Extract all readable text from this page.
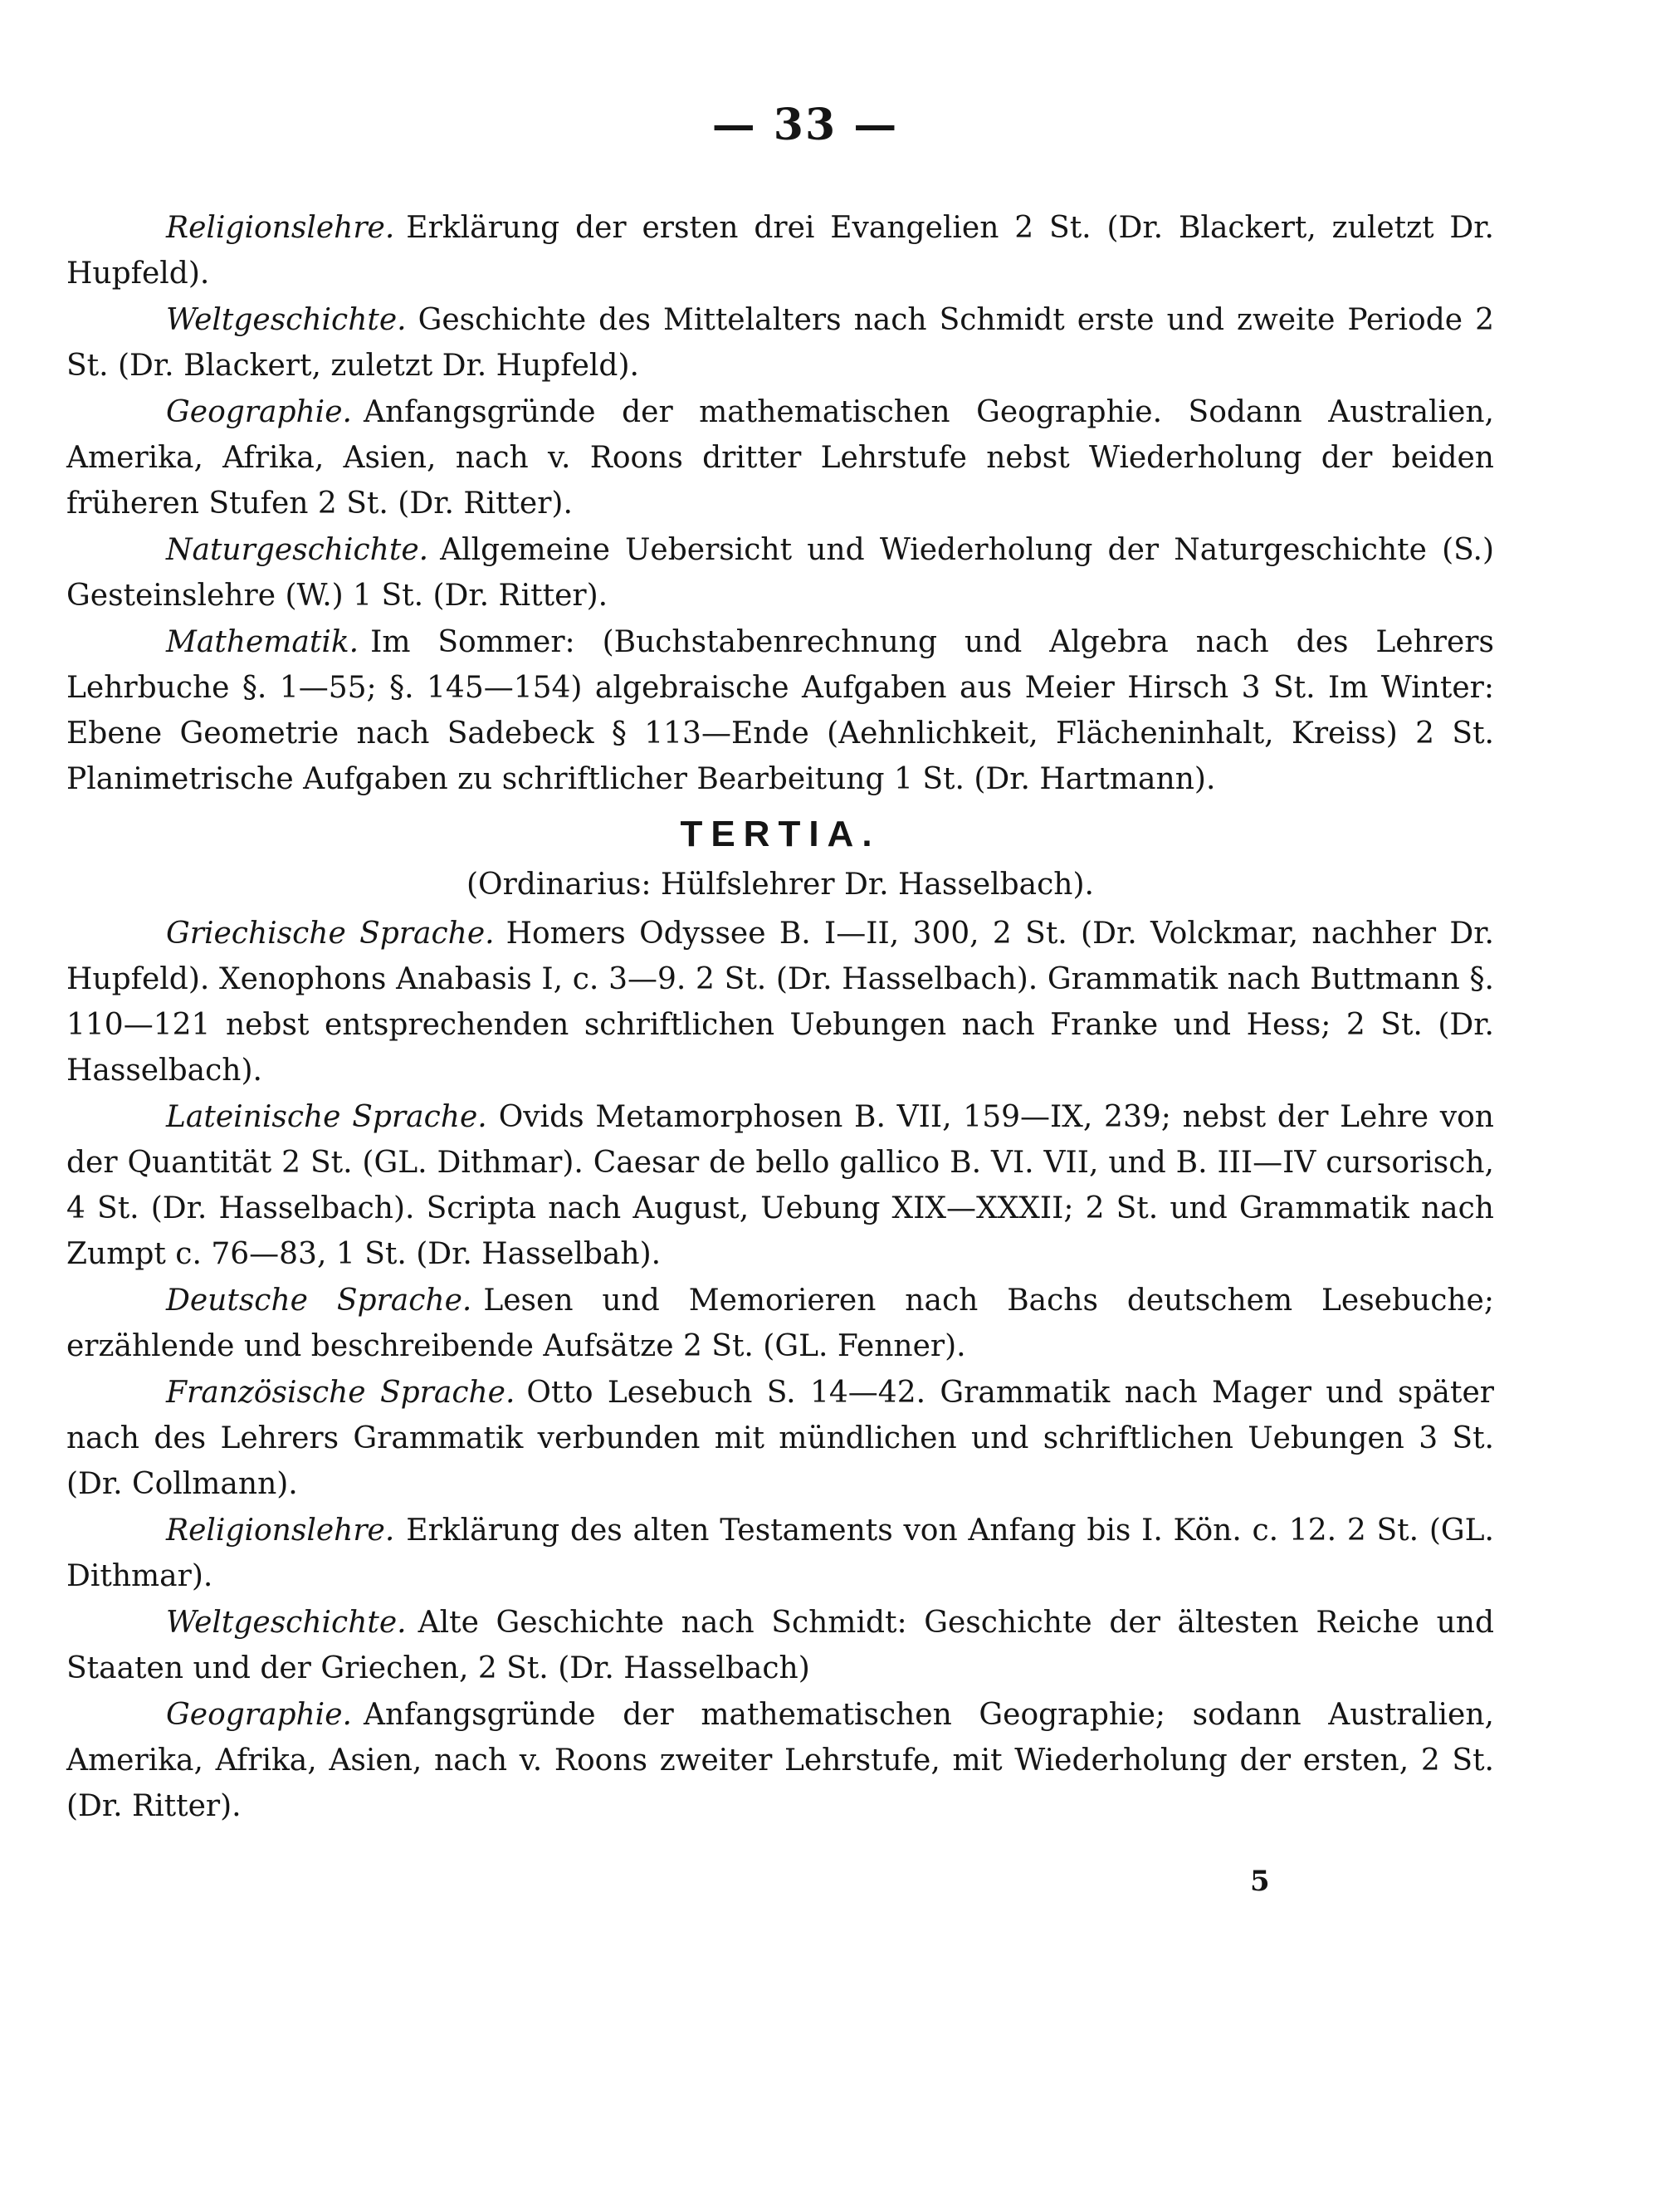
— 33 —

Religionslehre. Erklärung der ersten drei Evangelien 2 St. (Dr. Blackert, zuletzt Dr. Hupfeld).

Weltgeschichte. Geschichte des Mittelalters nach Schmidt erste und zweite Periode 2 St. (Dr. Blackert, zuletzt Dr. Hupfeld).

Geographie. Anfangsgründe der mathematischen Geographie. Sodann Australien, Amerika, Afrika, Asien, nach v. Roons dritter Lehrstufe nebst Wiederholung der beiden früheren Stufen 2 St. (Dr. Ritter).

Naturgeschichte. Allgemeine Uebersicht und Wiederholung der Naturgeschichte (S.) Gesteinslehre (W.) 1 St. (Dr. Ritter).

Mathematik. Im Sommer: (Buchstabenrechnung und Algebra nach des Lehrers Lehrbuche §. 1—55; §. 145—154) algebraische Aufgaben aus Meier Hirsch 3 St. Im Winter: Ebene Geometrie nach Sadebeck § 113—Ende (Aehnlichkeit, Flächeninhalt, Kreiss) 2 St. Planimetrische Aufgaben zu schriftlicher Bearbeitung 1 St. (Dr. Hartmann).

TERTIA.
(Ordinarius: Hülfslehrer Dr. Hasselbach).

Griechische Sprache. Homers Odyssee B. I—II, 300, 2 St. (Dr. Volckmar, nachher Dr. Hupfeld). Xenophons Anabasis I, c. 3—9. 2 St. (Dr. Hasselbach). Grammatik nach Buttmann §. 110—121 nebst entsprechenden schriftlichen Uebungen nach Franke und Hess; 2 St. (Dr. Hasselbach).

Lateinische Sprache. Ovids Metamorphosen B. VII, 159—IX, 239; nebst der Lehre von der Quantität 2 St. (GL. Dithmar). Caesar de bello gallico B. VI. VII, und B. III—IV cursorisch, 4 St. (Dr. Hasselbach). Scripta nach August, Uebung XIX—XXXII; 2 St. und Grammatik nach Zumpt c. 76—83, 1 St. (Dr. Hasselbah).

Deutsche Sprache. Lesen und Memorieren nach Bachs deutschem Lesebuche; erzählende und beschreibende Aufsätze 2 St. (GL. Fenner).

Französische Sprache. Otto Lesebuch S. 14—42. Grammatik nach Mager und später nach des Lehrers Grammatik verbunden mit mündlichen und schriftlichen Uebungen 3 St. (Dr. Collmann).

Religionslehre. Erklärung des alten Testaments von Anfang bis I. Kön. c. 12. 2 St. (GL. Dithmar).

Weltgeschichte. Alte Geschichte nach Schmidt: Geschichte der ältesten Reiche und Staaten und der Griechen, 2 St. (Dr. Hasselbach)

Geographie. Anfangsgründe der mathematischen Geographie; sodann Australien, Amerika, Afrika, Asien, nach v. Roons zweiter Lehrstufe, mit Wiederholung der ersten, 2 St. (Dr. Ritter).

5
